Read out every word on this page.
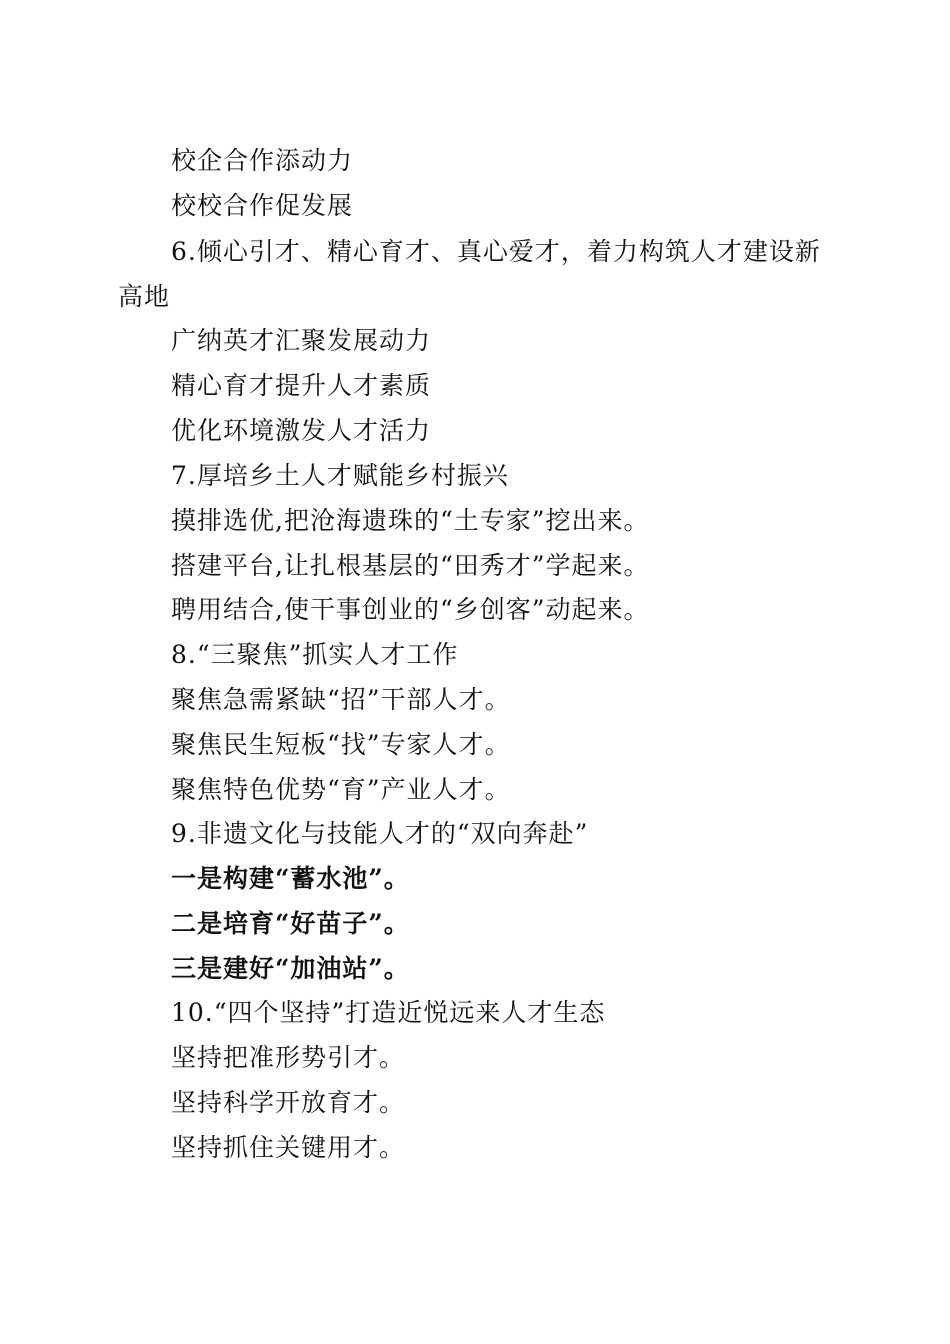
校企合作添动力
校校合作促发展
6.倾心引才、精心育才、真心爱才，着力构筑人才建设新
高地
广纳英才汇聚发展动力
精心育才提升人才素质
优化环境激发人才活力
7.厚培乡土人才赋能乡村振兴
摸排选优,把沧海遗珠的“土专家”挖出来。
搭建平台,让扎根基层的“田秀才”学起来。
聘用结合,使干事创业的“乡创客”动起来。
8.“三聚焦”抓实人才工作
聚焦急需紧缺“招”干部人才。
聚焦民生短板“找”专家人才。
聚焦特色优势“育”产业人才。
9.非遗文化与技能人才的“双向奔赴”
一是构建“蓄水池”。
二是培育“好苗子”。
三是建好“加油站”。
10.“四个坚持”打造近悦远来人才生态
坚持把准形势引才。
坚持科学开放育才。
坚持抓住关键用才。
